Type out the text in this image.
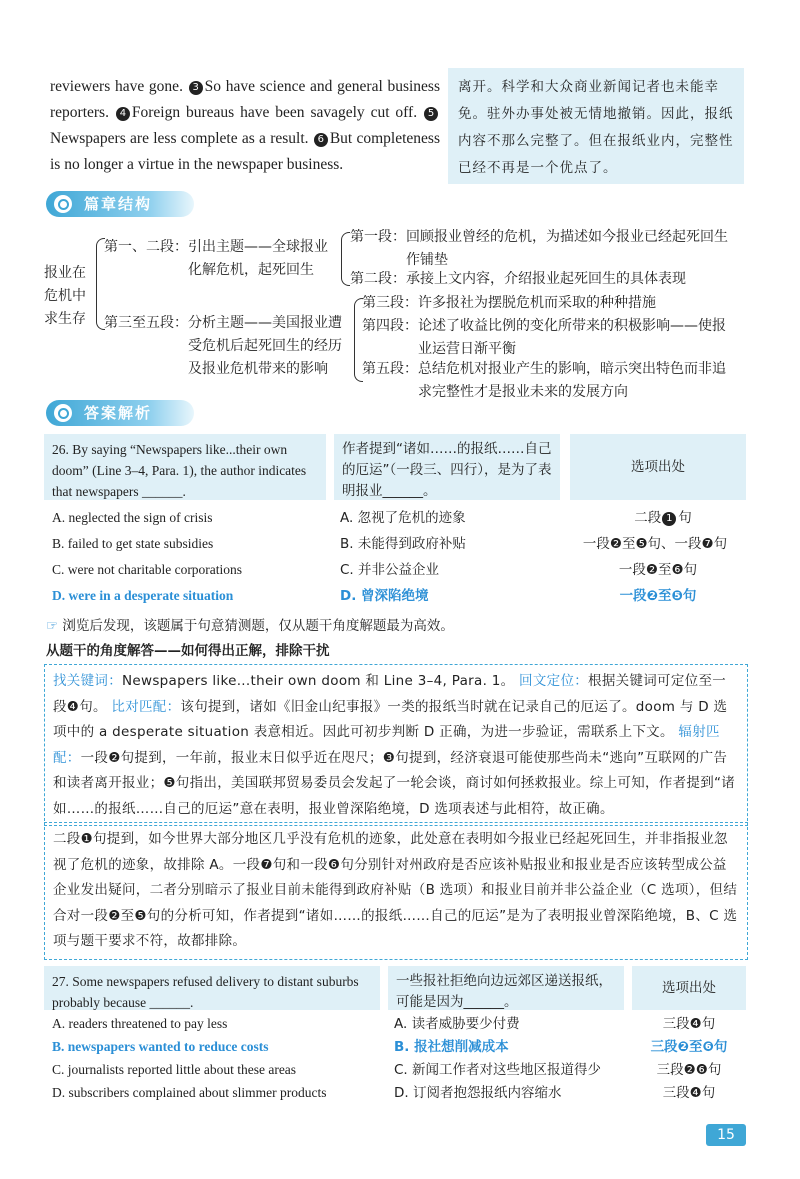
reviewers have gone. 3 So have science and general business reporters. 4 Foreign bureaus have been savagely cut off. 5Newspapers are less complete as a result. 6 But completeness is no longer a virtue in the newspaper business.

离开。科学和大众商业新闻记者也未能幸免。驻外办事处被无情地撤销。因此，报纸内容不那么完整了。但在报纸业内，完整性已经不再是一个优点了。
篇章结构
报业在
危机中
求生存
第一、二段：引出主题——全球报业
化解危机，起死回生
第三至五段：分析主题——美国报业遭
受危机后起死回生的经历
及报业危机带来的影响
第一段：回顾报业曾经的危机，为描述如今报业已经起死回生
作铺垫
第二段：承接上文内容，介绍报业起死回生的具体表现
第三段：许多报社为摆脱危机而采取的种种措施
第四段：论述了收益比例的变化所带来的积极影响——使报
业运营日渐平衡
第五段：总结危机对报业产生的影响，暗示突出特色而非追
求完整性才是报业未来的发展方向
答案解析
26. By saying “Newspapers like...their own doom” (Line 3–4, Para. 1), the author indicates that newspapers ______.
作者提到“诸如……的报纸……自己的厄运”（一段三、四行），是为了表明报业______。
选项出处
A. neglected the sign of crisis	A. 忽视了危机的迹象	二段 1 句
B. failed to get state subsidies	B. 未能得到政府补贴	一段❷至❺句、一段❼句
C. were not charitable corporations	C. 并非公益企业	一段❷至❻句
D. were in a desperate situation	D. 曾深陷绝境	一段❷至❺句
☞ 浏览后发现，该题属于句意猜测题，仅从题干角度解题最为高效。
从题干的角度解答——如何得出正解，排除干扰
找关键词：Newspapers like...their own doom 和 Line 3–4, Para. 1。 回文定位：根据关键词可定位至一段❹句。 比对匹配：该句提到，诸如《旧金山纪事报》一类的报纸当时就在记录自己的厄运了。doom 与 D 选项中的 a desperate situation 表意相近。因此可初步判断 D 正确，为进一步验证，需联系上下文。 辐射匹配：一段❷句提到，一年前，报业末日似乎近在咫尺；❸句提到，经济衰退可能使那些尚未“逃向”互联网的广告和读者离开报业；❺句指出，美国联邦贸易委员会发起了一轮会谈，商讨如何拯救报业。综上可知，作者提到“诸如……的报纸……自己的厄运”意在表明，报业曾深陷绝境，D 选项表述与此相符，故正确。
二段❶句提到，如今世界大部分地区几乎没有危机的迹象，此处意在表明如今报业已经起死回生，并非指报业忽视了危机的迹象，故排除 A。一段❼句和一段❻句分别针对州政府是否应该补贴报业和报业是否应该转型成公益企业发出疑问，二者分别暗示了报业目前未能得到政府补贴（B 选项）和报业目前并非公益企业（C 选项），但结合对一段❷至❺句的分析可知，作者提到“诸如……的报纸……自己的厄运”是为了表明报业曾深陷绝境，B、C 选项与题干要求不符，故都排除。
27. Some newspapers refused delivery to distant suburbs probably because ______.
一些报社拒绝向边远郊区递送报纸，可能是因为______。
选项出处
A. readers threatened to pay less	A. 读者威胁要少付费	三段❹句
B. newspapers wanted to reduce costs	B. 报社想削减成本	三段❷至❻句
C. journalists reported little about these areas	C. 新闻工作者对这些地区报道得少	三段❷❻句
D. subscribers complained about slimmer products	D. 订阅者抱怨报纸内容缩水	三段❹句
15
